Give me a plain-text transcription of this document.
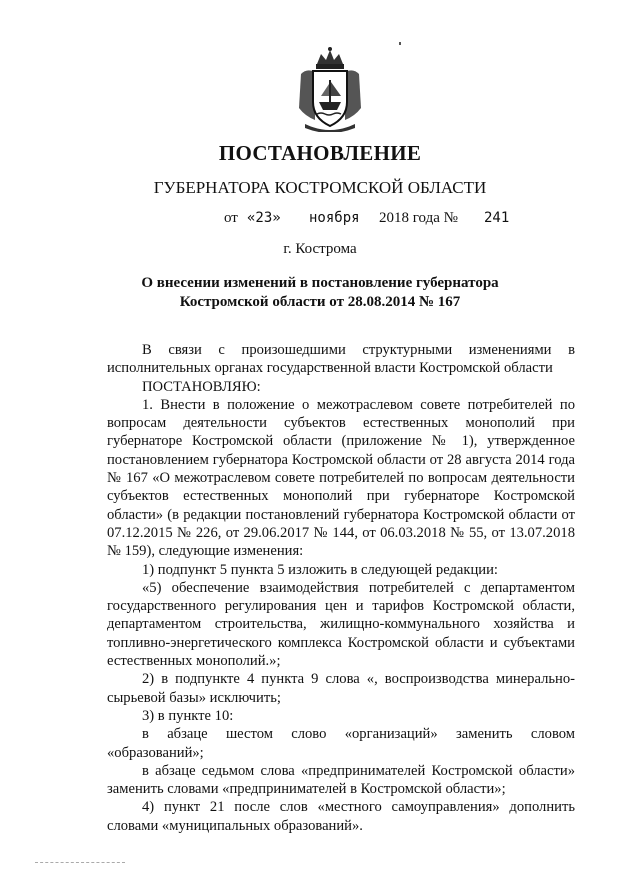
ПОСТАНОВЛЕНИЕ
ГУБЕРНАТОРА КОСТРОМСКОЙ ОБЛАСТИ
от «23» ноября 2018 года № 241
г. Кострома
О внесении изменений в постановление губернатора
Костромской области от 28.08.2014 № 167

В связи с произошедшими структурными изменениями в исполнительных органах государственной власти Костромской области

ПОСТАНОВЛЯЮ:

1. Внести в положение о межотраслевом совете потребителей по вопросам деятельности субъектов естественных монополий при губернаторе Костромской области (приложение № 1), утвержденное постановлением губернатора Костромской области от 28 августа 2014 года № 167 «О межотраслевом совете потребителей по вопросам деятельности субъектов естественных монополий при губернаторе Костромской области» (в редакции постановлений губернатора Костромской области от 07.12.2015 № 226, от 29.06.2017 № 144, от 06.03.2018 № 55, от 13.07.2018 № 159), следующие изменения:

1) подпункт 5 пункта 5 изложить в следующей редакции:

«5) обеспечение взаимодействия потребителей с департаментом государственного регулирования цен и тарифов Костромской области, департаментом строительства, жилищно-коммунального хозяйства и топливно-энергетического комплекса Костромской области и субъектами естественных монополий.»;

2) в подпункте 4 пункта 9 слова «, воспроизводства минерально-сырьевой базы» исключить;

3) в пункте 10:

в абзаце шестом слово «организаций» заменить словом «образований»;

в абзаце седьмом слова «предпринимателей Костромской области» заменить словами «предпринимателей в Костромской области»;

4) пункт 21 после слов «местного самоуправления» дополнить словами «муниципальных образований».
